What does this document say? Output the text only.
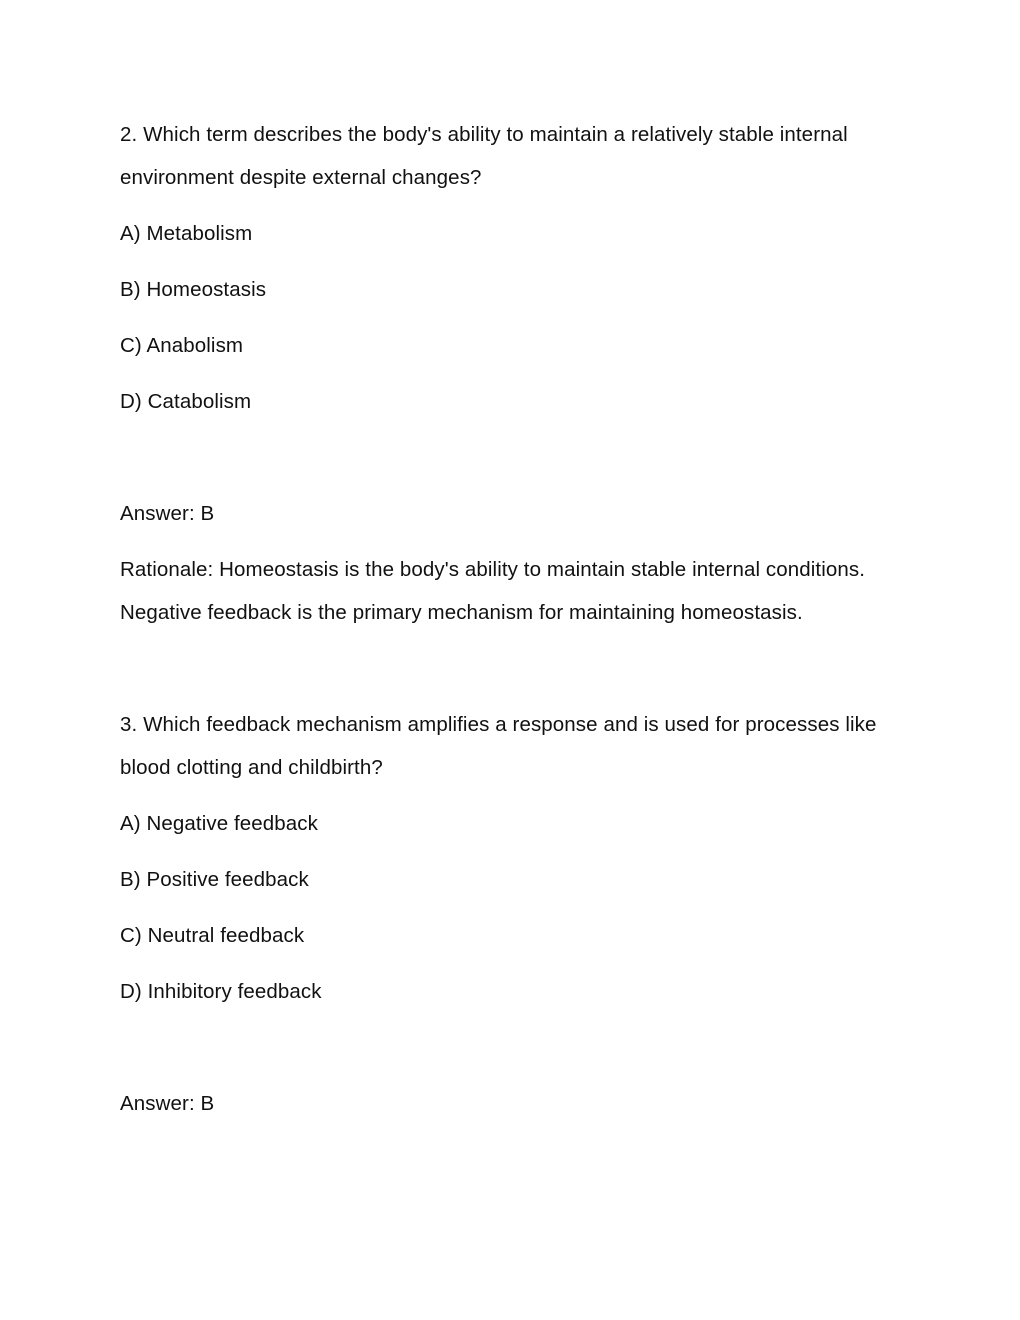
2. Which term describes the body's ability to maintain a relatively stable internal

environment despite external changes?

A) Metabolism

B) Homeostasis

C) Anabolism

D) Catabolism

Answer: B

Rationale: Homeostasis is the body's ability to maintain stable internal conditions.

Negative feedback is the primary mechanism for maintaining homeostasis.

3. Which feedback mechanism amplifies a response and is used for processes like

blood clotting and childbirth?

A) Negative feedback

B) Positive feedback

C) Neutral feedback

D) Inhibitory feedback

Answer: B
